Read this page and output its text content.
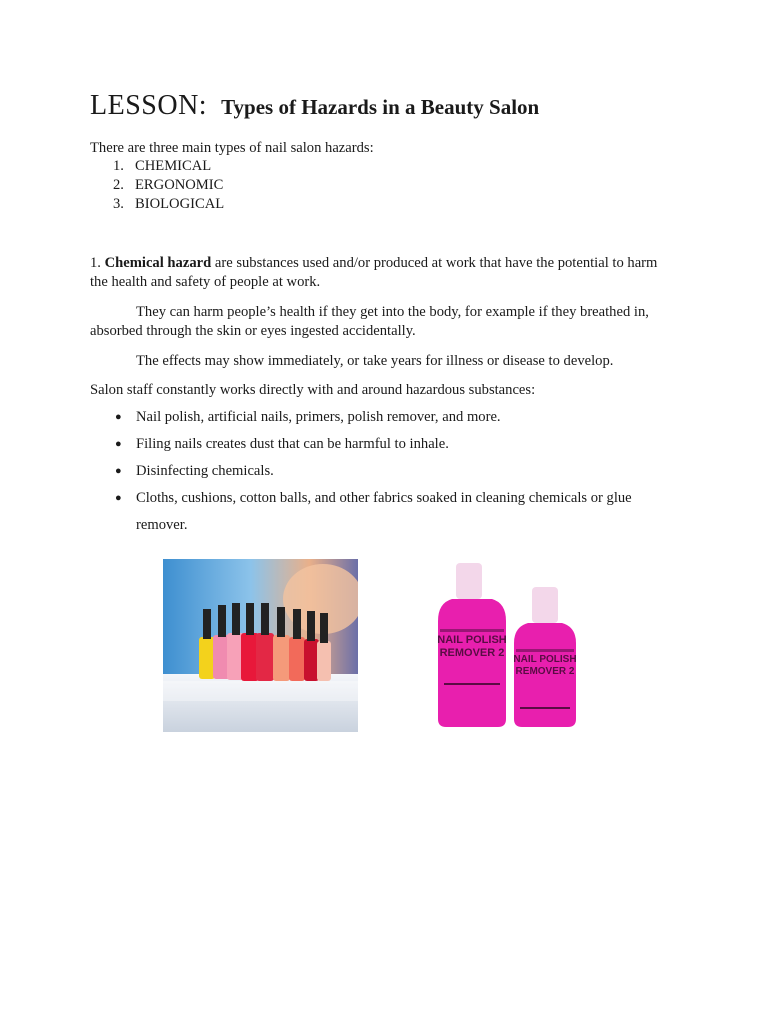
LESSON: Types of Hazards in a Beauty Salon
There are three main types of nail salon hazards:
1. CHEMICAL
2. ERGONOMIC
3. BIOLOGICAL
1. Chemical hazard are substances used and/or produced at work that have the potential to harm
the health and safety of people at work.
They can harm people’s health if they get into the body, for example if they breathed in,
absorbed through the skin or eyes ingested accidentally.
The effects may show immediately, or take years for illness or disease to develop.
Salon staff constantly works directly with and around hazardous substances:
● Nail polish, artificial nails, primers, polish remover, and more.
● Filing nails creates dust that can be harmful to inhale.
● Disinfecting chemicals.
● Cloths, cushions, cotton balls, and other fabrics soaked in cleaning chemicals or glue
remover.
NAIL POLISH
REMOVER 2
NAIL POLISH
REMOVER 2
